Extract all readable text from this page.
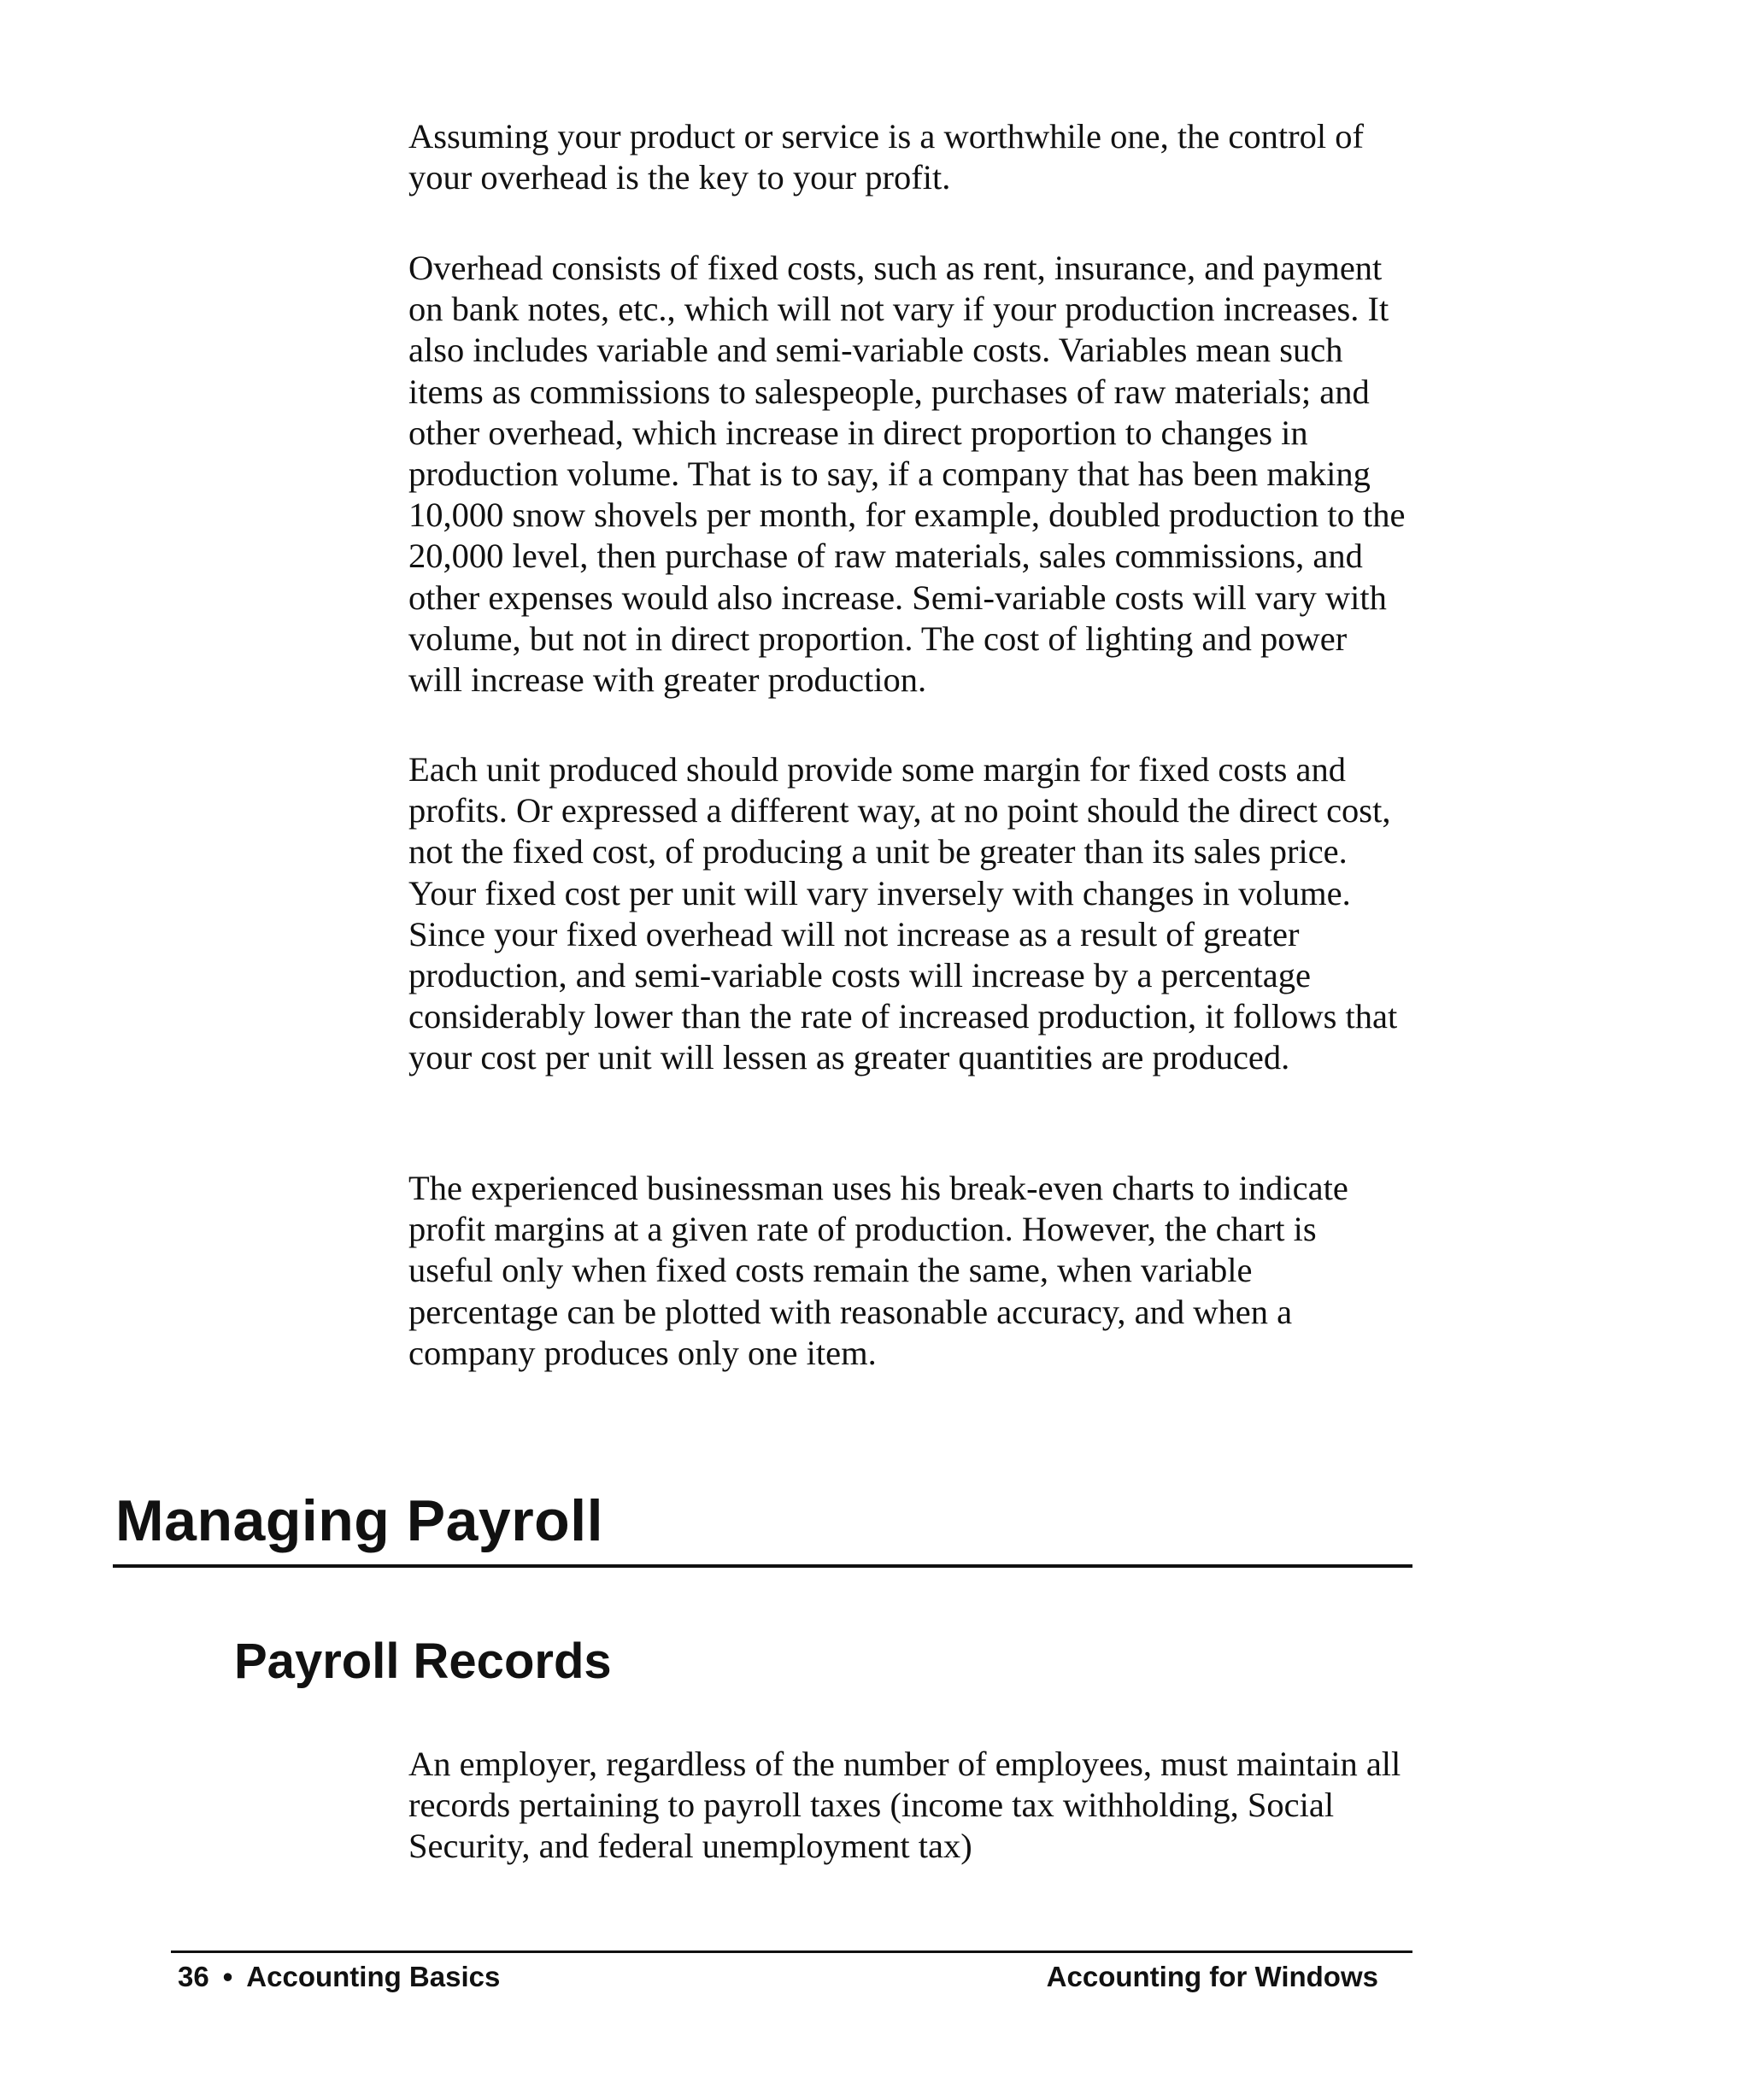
Assuming your product or service is a worthwhile one, the control of your overhead is the key to your profit.

Overhead consists of fixed costs, such as rent, insurance, and payment on bank notes, etc., which will not vary if your production increases. It also includes variable and semi-variable costs. Variables mean such items as commissions to salespeople, purchases of raw materials; and other overhead, which increase in direct proportion to changes in production volume. That is to say, if a company that has been making 10,000 snow shovels per month, for example, doubled production to the 20,000 level, then purchase of raw materials, sales commissions, and other expenses would also increase. Semi-variable costs will vary with volume, but not in direct proportion. The cost of lighting and power will increase with greater production.

Each unit produced should provide some margin for fixed costs and profits. Or expressed a different way, at no point should the direct cost, not the fixed cost, of producing a unit be greater than its sales price. Your fixed cost per unit will vary inversely with changes in volume. Since your fixed overhead will not increase as a result of greater production, and semi-variable costs will increase by a percentage considerably lower than the rate of increased production, it follows that your cost per unit will lessen as greater quantities are produced.

The experienced businessman uses his break-even charts to indicate profit margins at a given rate of production. However, the chart is useful only when fixed costs remain the same, when variable percentage can be plotted with reasonable accuracy, and when a company produces only one item.

Managing Payroll
Payroll Records

An employer, regardless of the number of employees, must maintain all records pertaining to payroll taxes (income tax withholding, Social Security, and federal unemployment tax)

36 • Accounting Basics	Accounting for Windows
